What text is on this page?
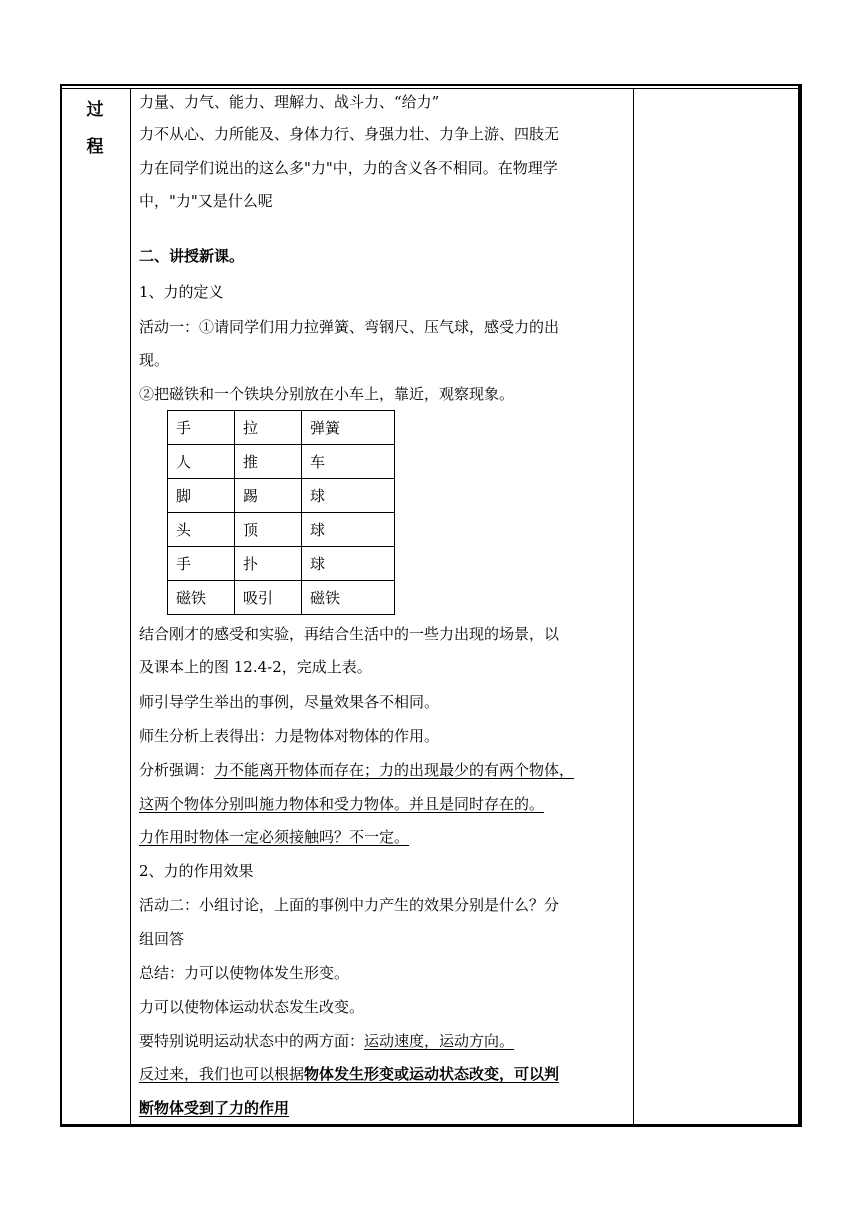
过
程
力量、力气、能力、理解力、战斗力、“给力”
力不从心、力所能及、身体力行、身强力壮、力争上游、四肢无
力在同学们说出的这么多"力"中，力的含义各不相同。在物理学
中，"力"又是什么呢
二、讲授新课。
1、力的定义
活动一：①请同学们用力拉弹簧、弯钢尺、压气球，感受力的出
现。
②把磁铁和一个铁块分别放在小车上，靠近，观察现象。
手	拉	弹簧
人	推	车
脚	踢	球
头	顶	球
手	扑	球
磁铁	吸引	磁铁
结合刚才的感受和实验，再结合生活中的一些力出现的场景，以
及课本上的图 12.4-2，完成上表。
师引导学生举出的事例，尽量效果各不相同。
师生分析上表得出：力是物体对物体的作用。
分析强调：力不能离开物体而存在；力的出现最少的有两个物体，
这两个物体分别叫施力物体和受力物体。并且是同时存在的。
力作用时物体一定必须接触吗？不一定。
2、力的作用效果
活动二：小组讨论，上面的事例中力产生的效果分别是什么？分
组回答
总结：力可以使物体发生形变。
力可以使物体运动状态发生改变。
要特别说明运动状态中的两方面：运动速度，运动方向。
反过来，我们也可以根据物体发生形变或运动状态改变，可以判
断物体受到了力的作用
